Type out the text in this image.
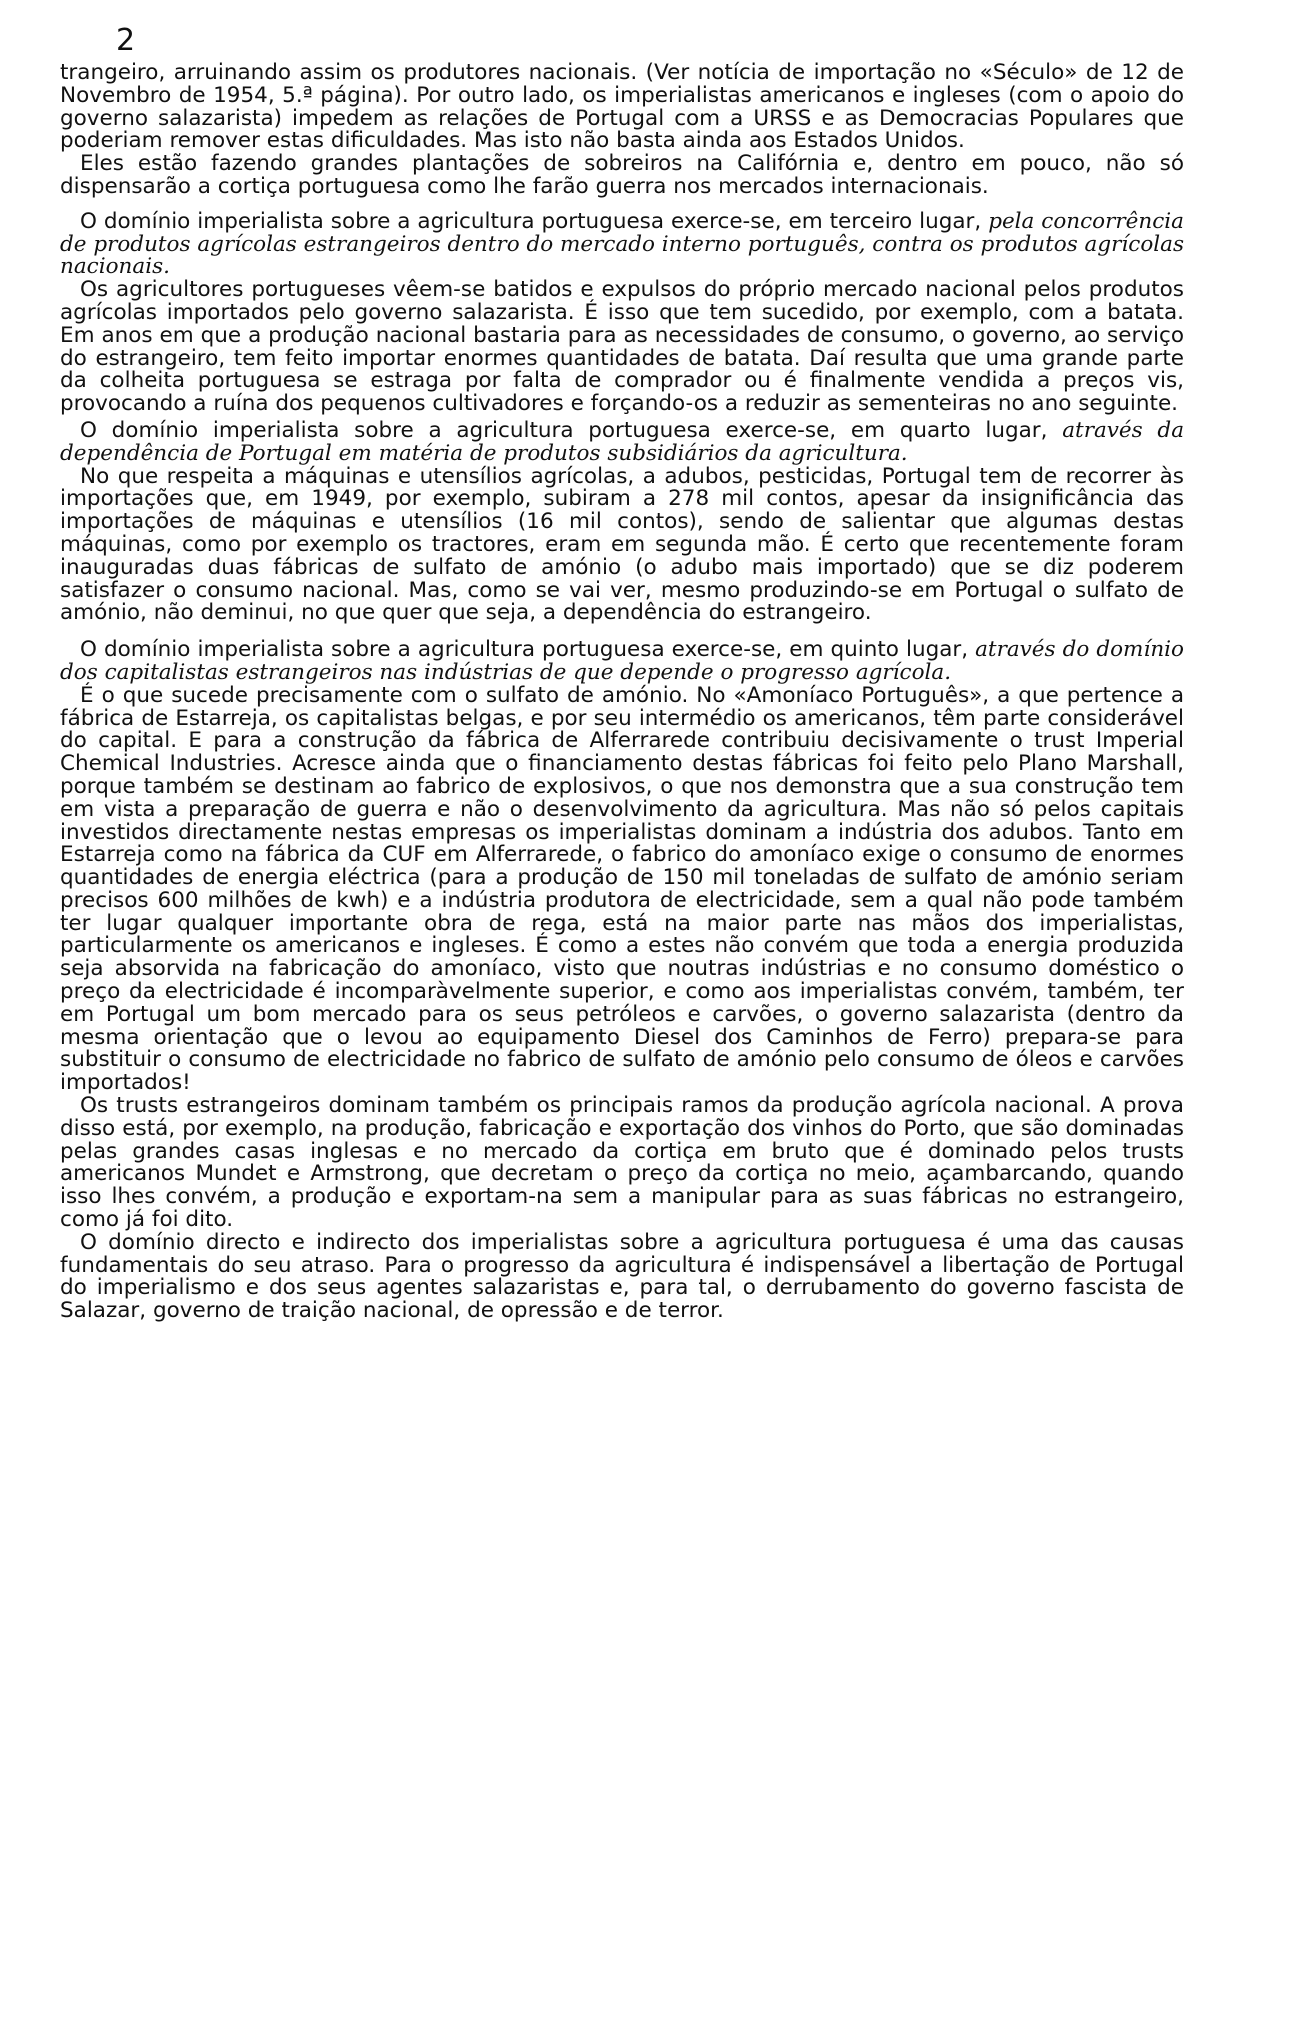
2

trangeiro, arruinando assim os produtores nacionais. (Ver notícia de importação no «Século» de 12 de Novembro de 1954, 5.ª página). Por outro lado, os imperialistas americanos e ingleses (com o apoio do governo salazarista) impedem as relações de Portugal com a URSS e as Democracias Populares que poderiam remover estas dificuldades. Mas isto não basta ainda aos Estados Unidos.

Eles estão fazendo grandes plantações de sobreiros na Califórnia e, dentro em pouco, não só dispensarão a cortiça portuguesa como lhe farão guerra nos mercados internacionais.

O domínio imperialista sobre a agricultura portuguesa exerce-se, em terceiro lugar, pela concorrência de produtos agrícolas estrangeiros dentro do mercado interno português, contra os produtos agrícolas nacionais.

Os agricultores portugueses vêem-se batidos e expulsos do próprio mercado nacional pelos produtos agrícolas importados pelo governo salazarista. É isso que tem sucedido, por exemplo, com a batata. Em anos em que a produção nacional bastaria para as necessidades de consumo, o governo, ao serviço do estrangeiro, tem feito importar enormes quantidades de batata. Daí resulta que uma grande parte da colheita portuguesa se estraga por falta de comprador ou é finalmente vendida a preços vis, provocando a ruína dos pequenos cultivadores e forçando-os a reduzir as sementeiras no ano seguinte.

O domínio imperialista sobre a agricultura portuguesa exerce-se, em quarto lugar, através da dependência de Portugal em matéria de produtos subsidiários da agricultura.

No que respeita a máquinas e utensílios agrícolas, a adubos, pesticidas, Portugal tem de recorrer às importações que, em 1949, por exemplo, subiram a 278 mil contos, apesar da insignificância das importações de máquinas e utensílios (16 mil contos), sendo de salientar que algumas destas máquinas, como por exemplo os tractores, eram em segunda mão. É certo que recentemente foram inauguradas duas fábricas de sulfato de amónio (o adubo mais importado) que se diz poderem satisfazer o consumo nacional. Mas, como se vai ver, mesmo produzindo-se em Portugal o sulfato de amónio, não deminui, no que quer que seja, a dependência do estrangeiro.

O domínio imperialista sobre a agricultura portuguesa exerce-se, em quinto lugar, através do domínio dos capitalistas estrangeiros nas indústrias de que depende o progresso agrícola.

É o que sucede precisamente com o sulfato de amónio. No «Amoníaco Português», a que pertence a fábrica de Estarreja, os capitalistas belgas, e por seu intermédio os americanos, têm parte considerável do capital. E para a construção da fábrica de Alferrarede contribuiu decisivamente o trust Imperial Chemical Industries. Acresce ainda que o financiamento destas fábricas foi feito pelo Plano Marshall, porque também se destinam ao fabrico de explosivos, o que nos demonstra que a sua construção tem em vista a preparação de guerra e não o desenvolvimento da agricultura. Mas não só pelos capitais investidos directamente nestas empresas os imperialistas dominam a indústria dos adubos. Tanto em Estarreja como na fábrica da CUF em Alferrarede, o fabrico do amoníaco exige o consumo de enormes quantidades de energia eléctrica (para a produção de 150 mil toneladas de sulfato de amónio seriam precisos 600 milhões de kwh) e a indústria produtora de electricidade, sem a qual não pode também ter lugar qualquer importante obra de rega, está na maior parte nas mãos dos imperialistas, particularmente os americanos e ingleses. É como a estes não convém que toda a energia produzida seja absorvida na fabricação do amoníaco, visto que noutras indústrias e no consumo doméstico o preço da electricidade é incomparàvelmente superior, e como aos imperialistas convém, também, ter em Portugal um bom mercado para os seus petróleos e carvões, o governo salazarista (dentro da mesma orientação que o levou ao equipamento Diesel dos Caminhos de Ferro) prepara-se para substituir o consumo de electricidade no fabrico de sulfato de amónio pelo consumo de óleos e carvões importados!

Os trusts estrangeiros dominam também os principais ramos da produção agrícola nacional. A prova disso está, por exemplo, na produção, fabricação e exportação dos vinhos do Porto, que são dominadas pelas grandes casas inglesas e no mercado da cortiça em bruto que é dominado pelos trusts americanos Mundet e Armstrong, que decretam o preço da cortiça no meio, açambarcando, quando isso lhes convém, a produção e exportam-na sem a manipular para as suas fábricas no estrangeiro, como já foi dito.

O domínio directo e indirecto dos imperialistas sobre a agricultura portuguesa é uma das causas fundamentais do seu atraso. Para o progresso da agricultura é indispensável a libertação de Portugal do imperialismo e dos seus agentes salazaristas e, para tal, o derrubamento do governo fascista de Salazar, governo de traição nacional, de opressão e de terror.
